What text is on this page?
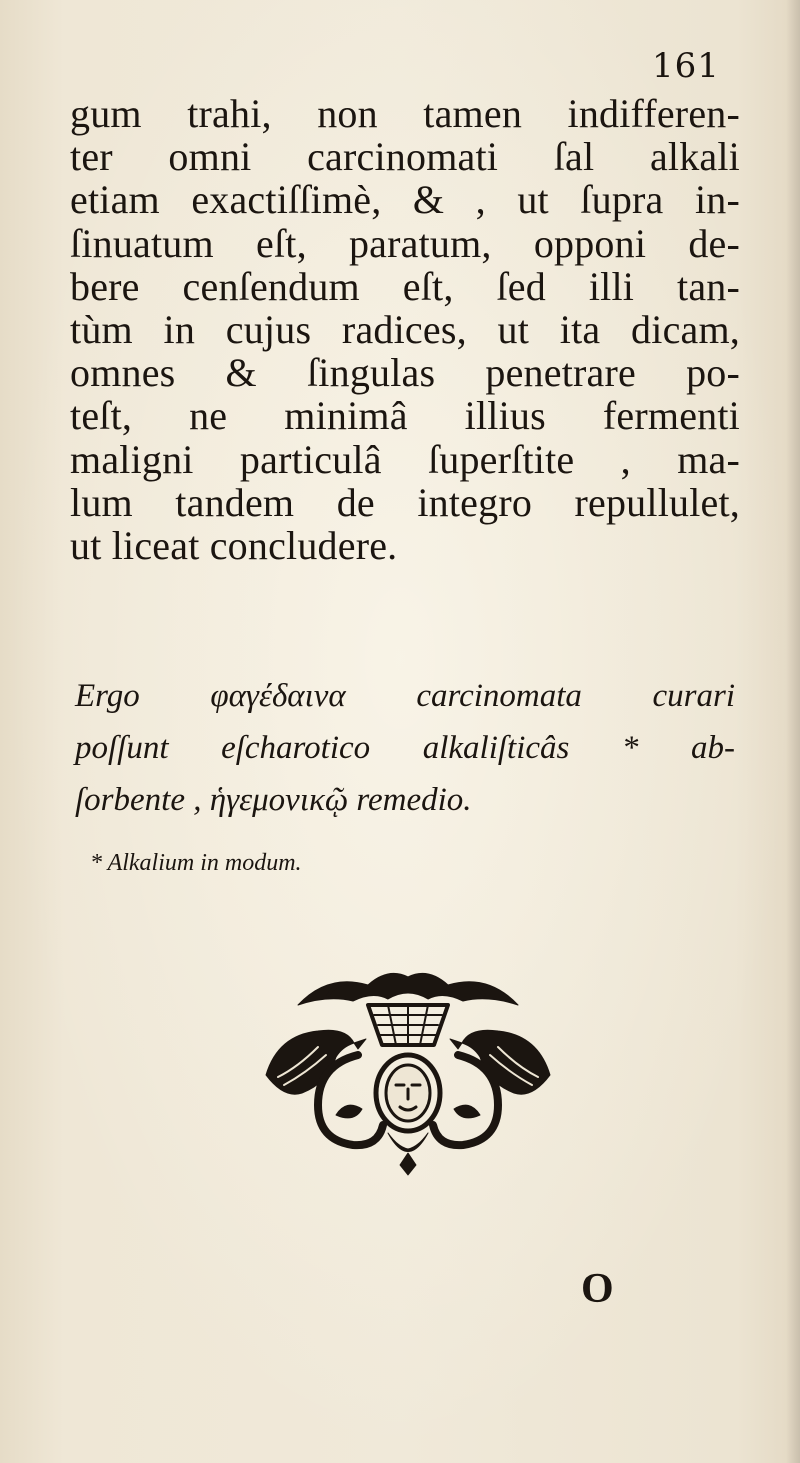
161
gum trahi, non tamen indifferen-
ter omni carcinomati ſal alkali
etiam exactiſſimè, & , ut ſupra in-
ſinuatum eſt, paratum, opponi de-
bere cenſendum eſt, ſed illi tan-
tùm in cujus radices, ut ita dicam,
omnes & ſingulas penetrare po-
teſt, ne minimâ illius fermenti
maligni particulâ ſuperſtite , ma-
lum tandem de integro repullulet,
ut liceat concludere.
Ergo φαγέδαινα carcinomata curari
poſſunt eſcharotico alkaliſticâs * ab-
ſorbente , ἡγεμονικῷ remedio.
* Alkalium in modum.
O
